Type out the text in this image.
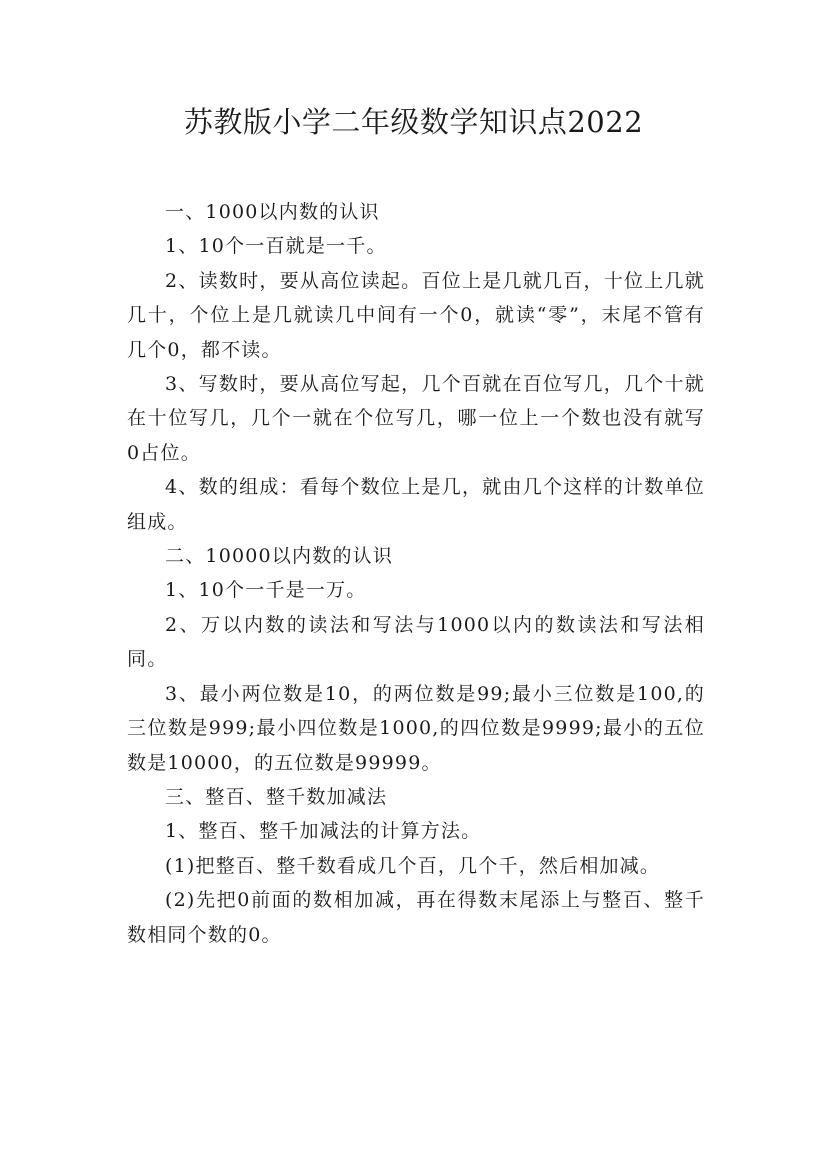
苏教版小学二年级数学知识点2022

一、1000以内数的认识

1、10个一百就是一千。

2、读数时，要从高位读起。百位上是几就几百，十位上几就几十，个位上是几就读几中间有一个0，就读“零”，末尾不管有几个0，都不读。

3、写数时，要从高位写起，几个百就在百位写几，几个十就在十位写几，几个一就在个位写几，哪一位上一个数也没有就写0占位。

4、数的组成：看每个数位上是几，就由几个这样的计数单位组成。

二、10000以内数的认识

1、10个一千是一万。

2、万以内数的读法和写法与1000以内的数读法和写法相同。

3、最小两位数是10，的两位数是99;最小三位数是100,的三位数是999;最小四位数是1000,的四位数是9999;最小的五位数是10000，的五位数是99999。

三、整百、整千数加减法

1、整百、整千加减法的计算方法。

(1)把整百、整千数看成几个百，几个千，然后相加减。

(2)先把0前面的数相加减，再在得数末尾添上与整百、整千数相同个数的0。
